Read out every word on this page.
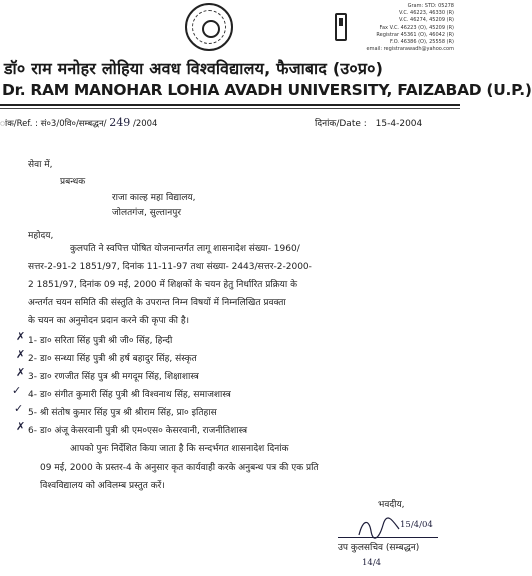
Gram: STD: 05278
V.C. 46223, 46330 (R)
V.C. 46274, 45209 (R)
Fax V.C. 46223 (O), 45209 (R)
Registrar 45361 (O), 46042 (R)
F.O. 46386 (O), 25558 (R)
email: registrarawadh@yahoo.com
डॉ० राम मनोहर लोहिया अवध विश्वविद्यालय, फैजाबाद (उ०प्र०)
Dr. RAM MANOHAR LOHIA AVADH UNIVERSITY, FAIZABAD (U.P.)
ांक/Ref. : सं०3/0वि०/सम्बद्धन/ 249 /2004	दिनांक/Date : 15-4-2004
सेवा में,
प्रबन्धक
राजा काल्ह महा विद्यालय,
जोलतगंज, सुल्तानपुर
महोदय,
कुलपति ने स्वपित्त पोषित योजनान्तर्गत लागू शासनादेश संख्या- 1960/
सत्तर-2-91-2 1851/97, दिनांक 11-11-97 तथा संख्या- 2443/सत्तर-2-2000-
2 1851/97, दिनांक 09 मई, 2000 में शिक्षकों के चयन हेतु निर्धारित प्रक्रिया के
अन्तर्गत चयन समिति की संस्तुति के उपरान्त निम्न विषयों में निम्नलिखित प्रवक्ता
के चयन का अनुमोदन प्रदान करने की कृपा की है।
✗ 1- डा० सरिता सिंह पुत्री श्री जी० सिंह, हिन्दी
✗ 2- डा० सन्ध्या सिंह पुत्री श्री हर्ष बहादुर सिंह, संस्कृत
✗ 3- डा० रणजीत सिंह पुत्र श्री मगदूम सिंह, शिक्षाशास्त्र
✓ 4- डा० संगीत कुमारी सिंह पुत्री श्री विश्वनाथ सिंह, समाजशास्त्र
✓ 5- श्री संतोष कुमार सिंह पुत्र श्री श्रीराम सिंह, प्रा० इतिहास
✗ 6- डा० अंजू केसरवानी पुत्री श्री एम०एस० केसरवानी, राजनीतिशास्त्र
आपको पुनः निर्देशित किया जाता है कि सन्दर्भगत शासनादेश दिनांक
09 मई, 2000 के प्रस्तर-4 के अनुसार कृत कार्यवाही करके अनुबन्ध पत्र की एक प्रति
विश्वविद्यालय को अविलम्ब प्रस्तुत करें।
भवदीय,
15/4/04
उप कुलसचिव (सम्बद्धन)
14/4
